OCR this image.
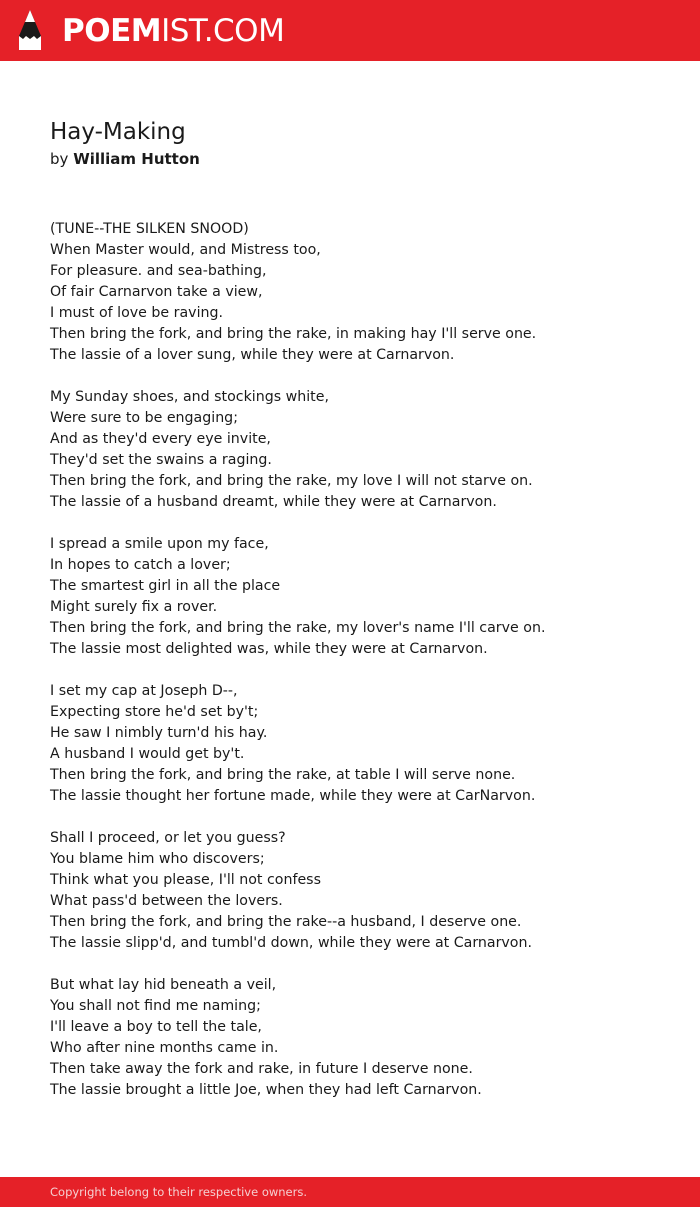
POEMIST.COM
Hay-Making
by William Hutton
(TUNE--THE SILKEN SNOOD)
When Master would, and Mistress too,
For pleasure. and sea-bathing,
Of fair Carnarvon take a view,
I must of love be raving.
Then bring the fork, and bring the rake, in making hay I'll serve one.
The lassie of a lover sung, while they were at Carnarvon.
My Sunday shoes, and stockings white,
Were sure to be engaging;
And as they'd every eye invite,
They'd set the swains a raging.
Then bring the fork, and bring the rake, my love I will not starve on.
The lassie of a husband dreamt, while they were at Carnarvon.
I spread a smile upon my face,
In hopes to catch a lover;
The smartest girl in all the place
Might surely fix a rover.
Then bring the fork, and bring the rake, my lover's name I'll carve on.
The lassie most delighted was, while they were at Carnarvon.
I set my cap at Joseph D--,
Expecting store he'd set by't;
He saw I nimbly turn'd his hay.
A husband I would get by't.
Then bring the fork, and bring the rake, at table I will serve none.
The lassie thought her fortune made, while they were at CarNarvon.
Shall I proceed, or let you guess?
You blame him who discovers;
Think what you please, I'll not confess
What pass'd between the lovers.
Then bring the fork, and bring the rake--a husband, I deserve one.
The lassie slipp'd, and tumbl'd down, while they were at Carnarvon.
But what lay hid beneath a veil,
You shall not find me naming;
I'll leave a boy to tell the tale,
Who after nine months came in.
Then take away the fork and rake, in future I deserve none.
The lassie brought a little Joe, when they had left Carnarvon.
Copyright belong to their respective owners.
